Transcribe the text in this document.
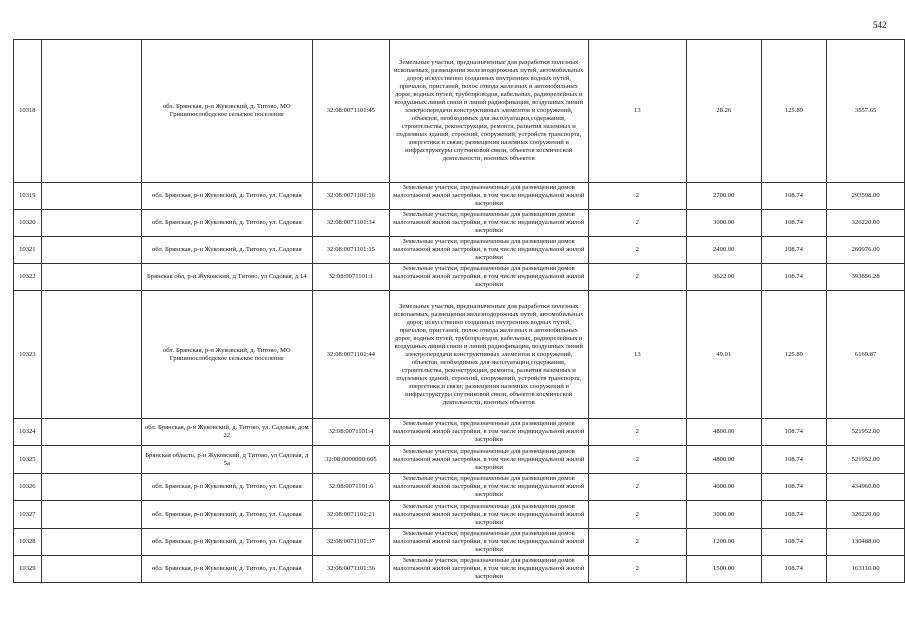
542
10318		обл. Брянская, р-н Жуковский, д. Титово, МО Гришинослободское сельское поселение	32:08:0071101:45	Земельные участки, предназначенные для разработки полезных ископаемых, размещения железнодорожных путей, автомобильных дорог, искусственно созданных внутренних водных путей, причалов, пристаней, полос отвода железных и автомобильных дорог, водных путей, трубопроводов, кабельных, радиорелейных и воздушных линий связи и линий радиофикации, воздушных линий электропередачи конструктивных элементов и сооружений, объектов, необходимых для эксплуатации,содержания, строительства, реконструкции, ремонта, развития наземных и подземных зданий, строений, сооружений, устройств транспорта, энергетики и связи; размещения наземных сооружений и инфраструктуры спутниковой связи, объектов космической деятельности, военных объектов	13	28.26	125.89	3557.65
10319		обл. Брянская, р-н Жуковский, д. Титово, ул. Садовая	32:08:0071101:16	Земельные участки, предназначенные для размещения домов малоэтажной жилой застройки, в том числе индивидуальной жилой застройки	2	2700.00	108.74	293598.00
10320		обл. Брянская, р-н Жуковский, д. Титово, ул. Садовая	32:08:0071101:34	Земельные участки, предназначенные для размещения домов малоэтажной жилой застройки, в том числе индивидуальной жилой застройки	2	3000.00	108.74	326220.00
10321		обл. Брянская, р-н Жуковский, д. Титово, ул. Садовая	32:08:0071101:15	Земельные участки, предназначенные для размещения домов малоэтажной жилой застройки, в том числе индивидуальной жилой застройки	2	2400.00	108.74	260976.00
10322		Брянская обл, р-н Жуковский, д Титово, ул Садовая, д 14	32:08:0071101:1	Земельные участки, предназначенные для размещения домов малоэтажной жилой застройки, в том числе индивидуальной жилой застройки	2	3622.00	108.74	393856.28
10323		обл. Брянская, р-н Жуковский, д. Титово, МО Гришинослободское сельское поселение	32:08:0071101:44	Земельные участки, предназначенные для разработки полезных ископаемых, размещения железнодорожных путей, автомобильных дорог, искусственно созданных внутренних водных путей, причалов, пристаней, полос отвода железных и автомобильных дорог, водных путей, трубопроводов, кабельных, радиорелейных и воздушных линий связи и линий радиофикации, воздушных линий электропередачи конструктивных элементов и сооружений, объектов, необходимых для эксплуатации,содержания, строительства, реконструкции, ремонта, развития наземных и подземных зданий, строений, сооружений, устройств транспорта, энергетики и связи; размещения наземных сооружений и инфраструктуры спутниковой связи, объектов космической деятельности, военных объектов	13	49.01	125.89	6169.87
10324		обл. Брянская, р-н Жуковский, д. Титово, ул. Садовая, дом 22	32:08:0071101:4	Земельные участки, предназначенные для размещения домов малоэтажной жилой застройки, в том числе индивидуальной жилой застройки	2	4800.00	108.74	521952.00
10325		Брянская область, р-н Жуковский, д Титово, ул Садовая, д 5а	32:08:0000000:605	Земельные участки, предназначенные для размещения домов малоэтажной жилой застройки, в том числе индивидуальной жилой застройки	2	4800.00	108.74	521952.00
10326		обл. Брянская, р-н Жуковский, д. Титово, ул. Садовая	32:08:0071101:6	Земельные участки, предназначенные для размещения домов малоэтажной жилой застройки, в том числе индивидуальной жилой застройки	2	4000.00	108.74	434960.00
10327		обл. Брянская, р-н Жуковский, д. Титово, ул. Садовая	32:08:0071101:21	Земельные участки, предназначенные для размещения домов малоэтажной жилой застройки, в том числе индивидуальной жилой застройки	2	3000.00	108.74	326220.00
10328		обл. Брянская, р-н Жуковский, д. Титово, ул. Садовая	32:08:0071101:37	Земельные участки, предназначенные для размещения домов малоэтажной жилой застройки, в том числе индивидуальной жилой застройки	2	1200.00	108.74	130488.00
10329		обл. Брянская, р-н Жуковский, д. Титово, ул. Садовая	32:08:0071101:36	Земельные участки, предназначенные для размещения домов малоэтажной жилой застройки, в том числе индивидуальной жилой застройки	2	1500.00	108.74	163110.00
